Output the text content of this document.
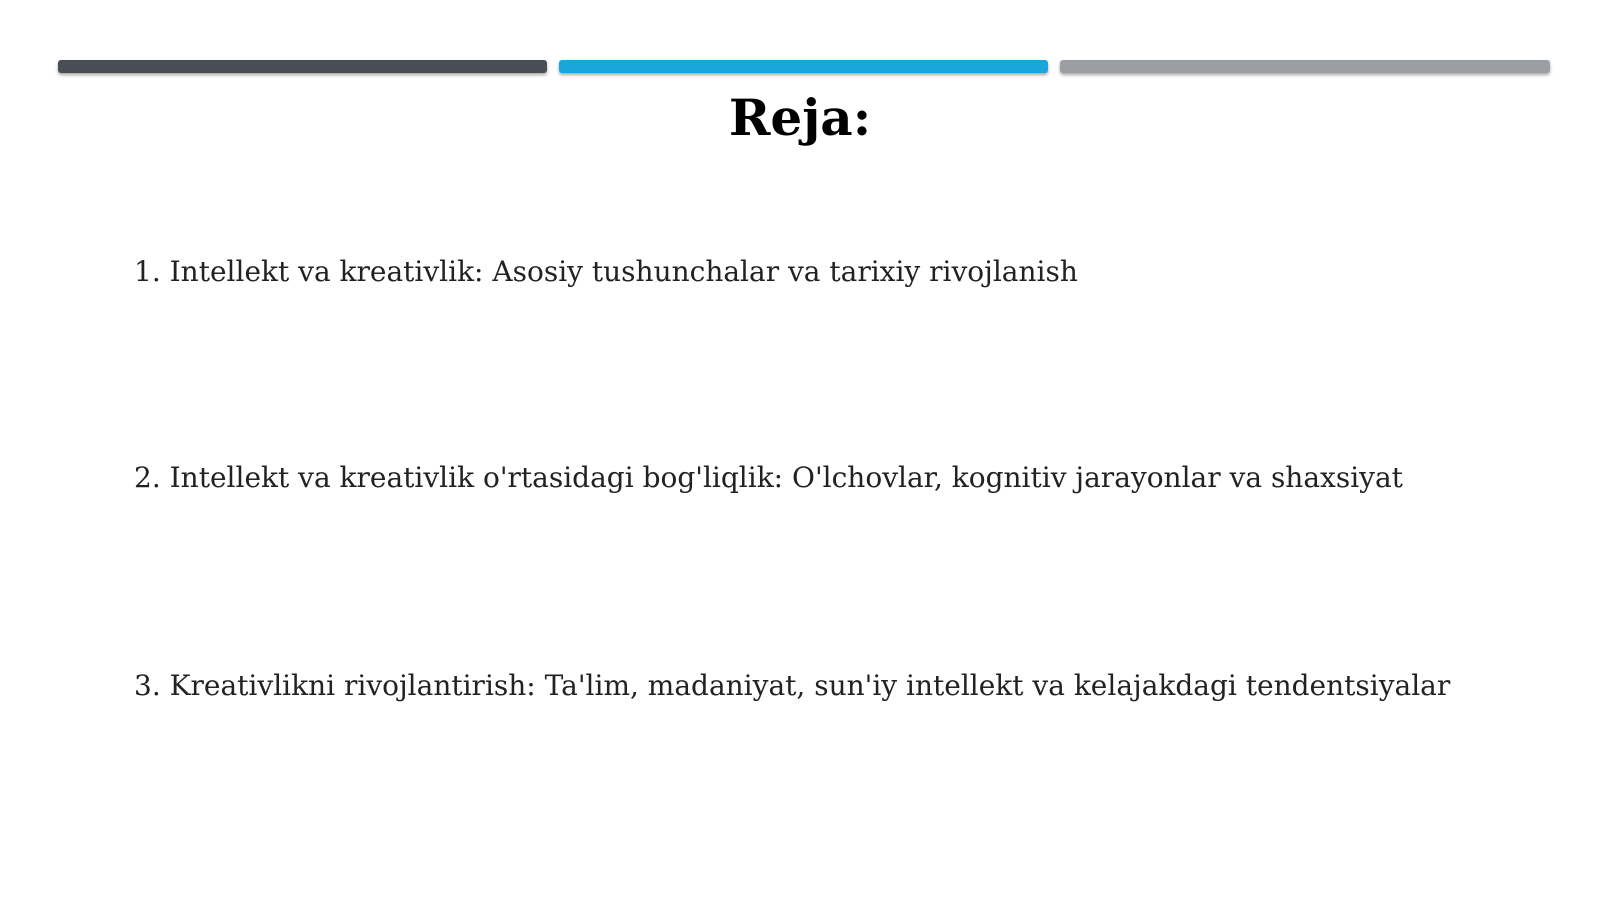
Reja:

1. Intellekt va kreativlik: Asosiy tushunchalar va tarixiy rivojlanish

2. Intellekt va kreativlik o'rtasidagi bog'liqlik: O'lchovlar, kognitiv jarayonlar va shaxsiyat

3. Kreativlikni rivojlantirish: Ta'lim, madaniyat, sun'iy intellekt va kelajakdagi tendentsiyalar
